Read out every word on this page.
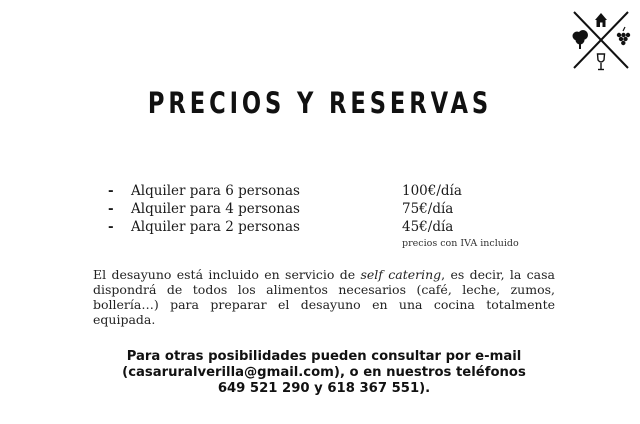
PRECIOS Y RESERVAS
- Alquiler para 6 personas	100€/día
- Alquiler para 4 personas	75€/día
- Alquiler para 2 personas	45€/día
precios con IVA incluido
El desayuno está incluido en servicio de self catering, es decir, la casa dispondrá de todos los alimentos necesarios (café, leche, zumos, bollería…) para preparar el desayuno en una cocina totalmente equipada.
Para otras posibilidades pueden consultar por e-mail
(casaruralverilla@gmail.com), o en nuestros teléfonos
649 521 290 y 618 367 551).
